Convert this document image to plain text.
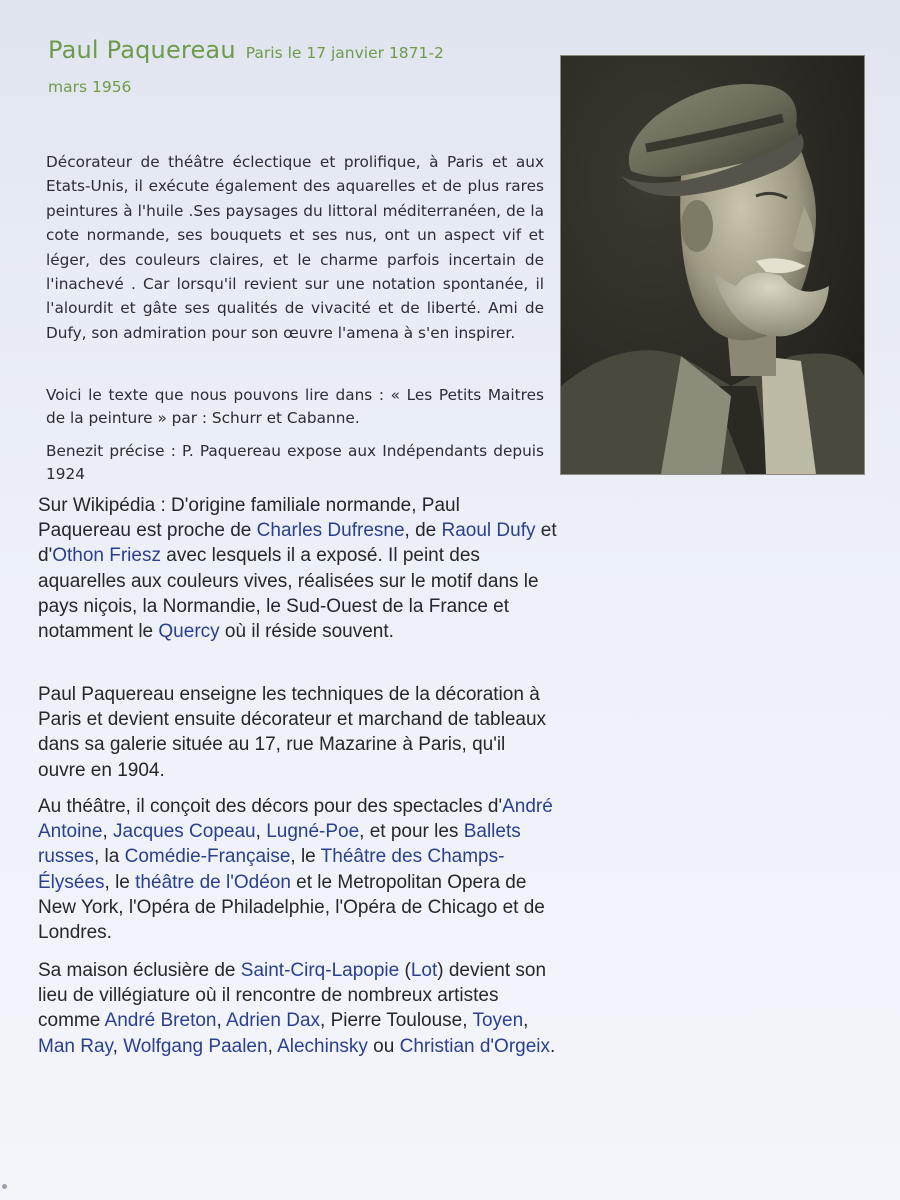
Paul Paquereau Paris le 17 janvier 1871-2
mars 1956

Décorateur de théâtre éclectique et prolifique, à Paris et aux Etats-Unis, il exécute également des aquarelles et de plus rares peintures à l'huile .Ses paysages du littoral méditerranéen, de la cote normande, ses bouquets et ses nus, ont un aspect vif et léger, des couleurs claires, et le charme parfois incertain de l'inachevé . Car lorsqu'il revient sur une notation spontanée, il l'alourdit et gâte ses qualités de vivacité et de liberté. Ami de Dufy, son admiration pour son œuvre l'amena à s'en inspirer.

Voici le texte que nous pouvons lire dans : « Les Petits Maitres de la peinture » par : Schurr et Cabanne.

Benezit précise : P. Paquereau expose aux Indépendants depuis 1924

Sur Wikipédia : D'origine familiale normande, Paul Paquereau est proche de Charles Dufresne, de Raoul Dufy et d'Othon Friesz avec lesquels il a exposé. Il peint des aquarelles aux couleurs vives, réalisées sur le motif dans le pays niçois, la Normandie, le Sud-Ouest de la France et notamment le Quercy où il réside souvent.

Paul Paquereau enseigne les techniques de la décoration à Paris et devient ensuite décorateur et marchand de tableaux dans sa galerie située au 17, rue Mazarine à Paris, qu'il ouvre en 1904.

Au théâtre, il conçoit des décors pour des spectacles d'André Antoine, Jacques Copeau, Lugné-Poe, et pour les Ballets russes, la Comédie-Française, le Théâtre des Champs-Élysées, le théâtre de l'Odéon et le Metropolitan Opera de New York, l'Opéra de Philadelphie, l'Opéra de Chicago et de Londres.

Sa maison éclusière de Saint-Cirq-Lapopie (Lot) devient son lieu de villégiature où il rencontre de nombreux artistes comme André Breton, Adrien Dax, Pierre Toulouse, Toyen, Man Ray, Wolfgang Paalen, Alechinsky ou Christian d'Orgeix.
